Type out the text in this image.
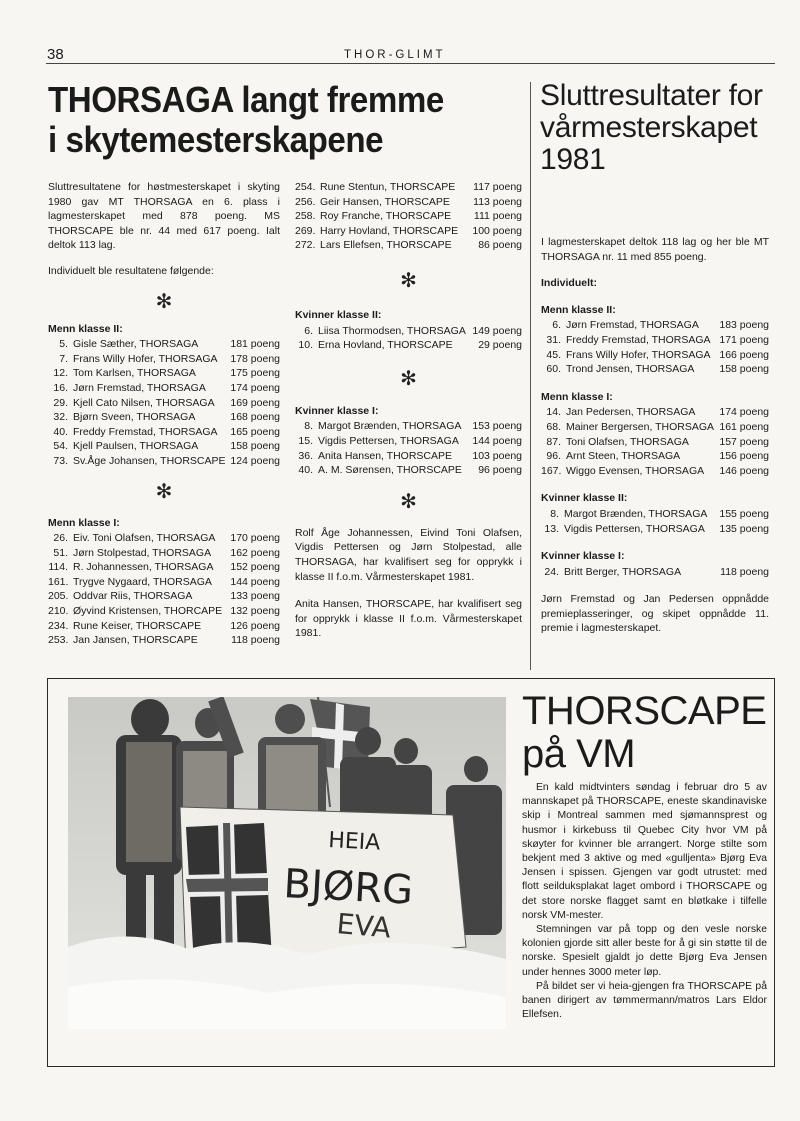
38	THOR-GLIMT
THORSAGA langt fremme
i skytemesterskapene

Sluttresultatene for høstmesterskapet i skyting 1980 gav MT THORSAGA en 6. plass i lagmesterskapet med 878 poeng. MS THORSCAPE ble nr. 44 med 617 poeng. Ialt deltok 113 lag.

Individuelt ble resultatene følgende:

✻
Menn klasse II:
5. Gisle Sæther, THORSAGA	181 poeng
7. Frans Willy Hofer, THORSAGA	178 poeng
12. Tom Karlsen, THORSAGA	175 poeng
16. Jørn Fremstad, THORSAGA	174 poeng
29. Kjell Cato Nilsen, THORSAGA	169 poeng
32. Bjørn Sveen, THORSAGA	168 poeng
40. Freddy Fremstad, THORSAGA	165 poeng
54. Kjell Paulsen, THORSAGA	158 poeng
73. Sv.Åge Johansen, THORSCAPE 124 poeng
✻
Menn klasse I:
26. Eiv. Toni Olafsen, THORSAGA	170 poeng
51. Jørn Stolpestad, THORSAGA	162 poeng
114. R. Johannessen, THORSAGA	152 poeng
161. Trygve Nygaard, THORSAGA	144 poeng
205. Oddvar Riis, THORSAGA	133 poeng
210. Øyvind Kristensen, THORCAPE 132 poeng
234. Rune Keiser, THORSCAPE	126 poeng
253. Jan Jansen, THORSCAPE	118 poeng
254. Rune Stentun, THORSCAPE	117 poeng
256. Geir Hansen, THORSCAPE	113 poeng
258. Roy Franche, THORSCAPE	111 poeng
269. Harry Hovland, THORSCAPE	100 poeng
272. Lars Ellefsen, THORSCAPE	86 poeng
✻
Kvinner klasse II:
6. Liisa Thormodsen, THORSAGA 149 poeng
10. Erna Hovland, THORSCAPE	29 poeng
✻
Kvinner klasse I:
8. Margot Brænden, THORSAGA	153 poeng
15. Vigdis Pettersen, THORSAGA	144 poeng
36. Anita Hansen, THORSCAPE	103 poeng
40. A. M. Sørensen, THORSCAPE	96 poeng
✻

Rolf Åge Johannessen, Eivind Toni Olafsen, Vigdis Pettersen og Jørn Stolpestad, alle THORSAGA, har kvalifisert seg for opprykk i klasse II f.o.m. Vårmesterskapet 1981.

Anita Hansen, THORSCAPE, har kvalifisert seg for opprykk i klasse II f.o.m. Vårmesterskapet 1981.

Sluttresultater for vårmesterskapet 1981

I lagmesterskapet deltok 118 lag og her ble MT THORSAGA nr. 11 med 855 poeng.

Individuelt:
Menn klasse II:
6. Jørn Fremstad, THORSAGA	183 poeng
31. Freddy Fremstad, THORSAGA 171 poeng
45. Frans Willy Hofer, THORSAGA 166 poeng
60. Trond Jensen, THORSAGA	158 poeng
Menn klasse I:
14. Jan Pedersen, THORSAGA	174 poeng
68. Mainer Bergersen, THORSAGA 161 poeng
87. Toni Olafsen, THORSAGA	157 poeng
96. Arnt Steen, THORSAGA	156 poeng
167. Wiggo Evensen, THORSAGA	146 poeng
Kvinner klasse II:
8. Margot Brænden, THORSAGA	155 poeng
13. Vigdis Pettersen, THORSAGA	135 poeng
Kvinner klasse I:
24. Britt Berger, THORSAGA	118 poeng

Jørn Fremstad og Jan Pedersen oppnådde premieplasseringer, og skipet oppnådde 11. premie i lagmesterskapet.

HEIA
BJØRG
EVA
THORSCAPE
på VM

En kald midtvinters søndag i februar dro 5 av mannskapet på THORSCAPE, eneste skandinaviske skip i Montreal sammen med sjømannsprest og husmor i kirkebuss til Quebec City hvor VM på skøyter for kvinner ble arrangert. Norge stilte som bekjent med 3 aktive og med «gulljenta» Bjørg Eva Jensen i spissen. Gjengen var godt utrustet: med flott seilduksplakat laget ombord i THORSCAPE og det store norske flagget samt en bløtkake i tilfelle norsk VM-mester.

Stemningen var på topp og den vesle norske kolonien gjorde sitt aller beste for å gi sin støtte til de norske. Spesielt gjaldt jo dette Bjørg Eva Jensen under hennes 3000 meter løp.

På bildet ser vi heia-gjengen fra THORSCAPE på banen dirigert av tømmermann/matros Lars Eldor Ellefsen.
